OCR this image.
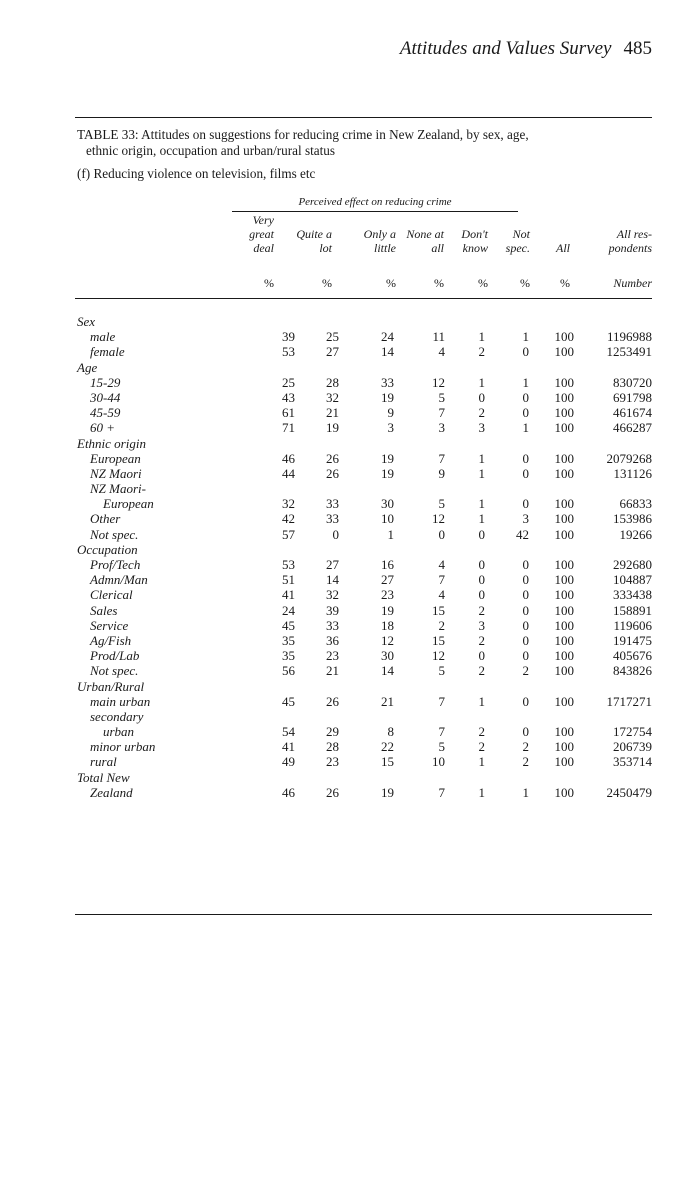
Attitudes and Values Survey 485
TABLE 33: Attitudes on suggestions for reducing crime in New Zealand, by sex, age,
ethnic origin, occupation and urban/rural status
(f) Reducing violence on television, films etc
Perceived effect on reducing crime
Very
great
deal

Quite a
lot

Only a
little

None at
all

Don't
know

Not
spec.

	All

All res-
pondents
%	%	%	%	%	%	%	Number
Sex
male	39	25	24	11	1	1	100	1196988
female	53	27	14	4	2	0	100	1253491
Age
15-29	25	28	33	12	1	1	100	830720
30-44	43	32	19	5	0	0	100	691798
45-59	61	21	9	7	2	0	100	461674
60 +	71	19	3	3	3	1	100	466287
Ethnic origin
European	46	26	19	7	1	0	100	2079268
NZ Maori	44	26	19	9	1	0	100	131126
NZ Maori-
European	32	33	30	5	1	0	100	66833
Other	42	33	10	12	1	3	100	153986
Not spec.	57	0	1	0	0	42	100	19266
Occupation
Prof/Tech	53	27	16	4	0	0	100	292680
Admn/Man	51	14	27	7	0	0	100	104887
Clerical	41	32	23	4	0	0	100	333438
Sales	24	39	19	15	2	0	100	158891
Service	45	33	18	2	3	0	100	119606
Ag/Fish	35	36	12	15	2	0	100	191475
Prod/Lab	35	23	30	12	0	0	100	405676
Not spec.	56	21	14	5	2	2	100	843826
Urban/Rural
main urban	45	26	21	7	1	0	100	1717271
secondary
urban	54	29	8	7	2	0	100	172754
minor urban	41	28	22	5	2	2	100	206739
rural	49	23	15	10	1	2	100	353714
Total New
Zealand	46	26	19	7	1	1	100	2450479
